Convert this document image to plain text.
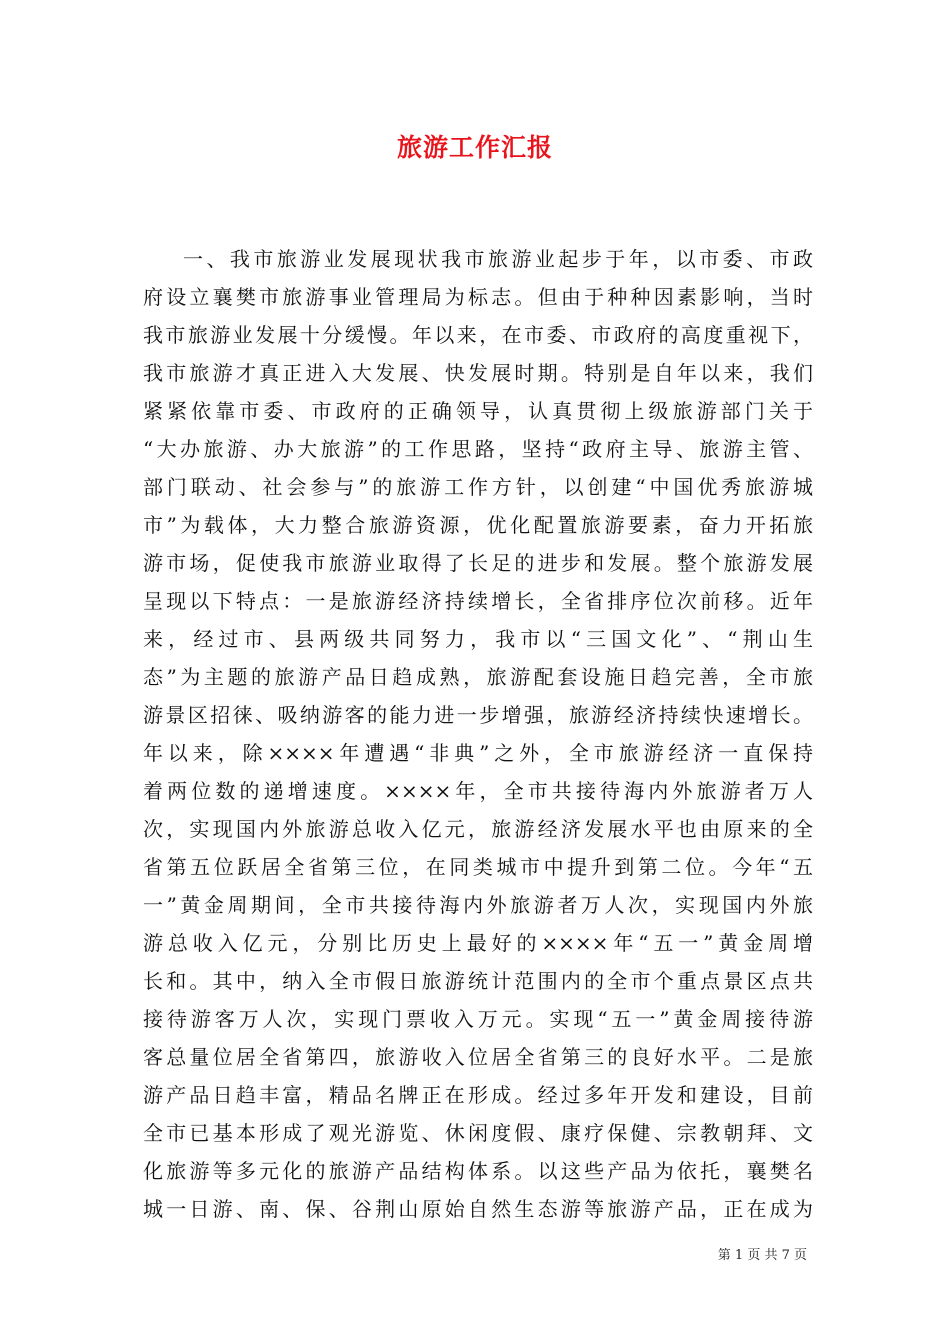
旅游工作汇报
一、我市旅游业发展现状我市旅游业起步于年，以市委、市政
府设立襄樊市旅游事业管理局为标志。但由于种种因素影响，当时
我市旅游业发展十分缓慢。年以来，在市委、市政府的高度重视下，
我市旅游才真正进入大发展、快发展时期。特别是自年以来，我们
紧紧依靠市委、市政府的正确领导，认真贯彻上级旅游部门关于
“大办旅游、办大旅游”的工作思路，坚持“政府主导、旅游主管、
部门联动、社会参与”的旅游工作方针，以创建“中国优秀旅游城
市”为载体，大力整合旅游资源，优化配置旅游要素，奋力开拓旅
游市场，促使我市旅游业取得了长足的进步和发展。整个旅游发展
呈现以下特点：一是旅游经济持续增长，全省排序位次前移。近年
来，经过市、县两级共同努力，我市以“三国文化”、“荆山生
态”为主题的旅游产品日趋成熟，旅游配套设施日趋完善，全市旅
游景区招徕、吸纳游客的能力进一步增强，旅游经济持续快速增长。
年以来，除××××年遭遇“非典”之外，全市旅游经济一直保持
着两位数的递增速度。××××年，全市共接待海内外旅游者万人
次，实现国内外旅游总收入亿元，旅游经济发展水平也由原来的全
省第五位跃居全省第三位，在同类城市中提升到第二位。今年“五
一”黄金周期间，全市共接待海内外旅游者万人次，实现国内外旅
游总收入亿元，分别比历史上最好的××××年“五一”黄金周增
长和。其中，纳入全市假日旅游统计范围内的全市个重点景区点共
接待游客万人次，实现门票收入万元。实现“五一”黄金周接待游
客总量位居全省第四，旅游收入位居全省第三的良好水平。二是旅
游产品日趋丰富，精品名牌正在形成。经过多年开发和建设，目前
全市已基本形成了观光游览、休闲度假、康疗保健、宗教朝拜、文
化旅游等多元化的旅游产品结构体系。以这些产品为依托，襄樊名
城一日游、南、保、谷荆山原始自然生态游等旅游产品，正在成为
第 1 页 共 7 页
